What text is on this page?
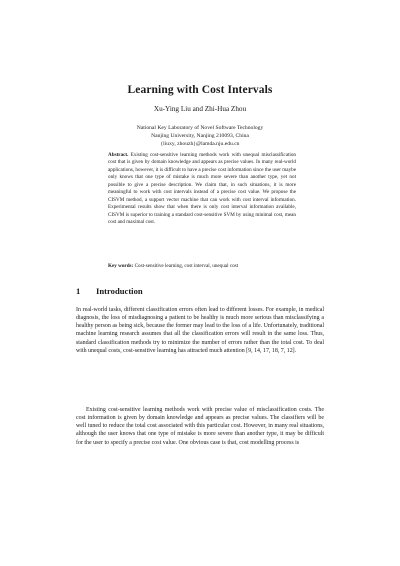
Learning with Cost Intervals
Xu-Ying Liu and Zhi-Hua Zhou
National Key Laboratory of Novel Software Technology
Nanjing University, Nanjing 210093, China
{liuxy, zhouzh}@lamda.nju.edu.cn
Abstract. Existing cost-sensitive learning methods work with unequal misclassification cost that is given by domain knowledge and appears as precise values. In many real-world applications, however, it is difficult to have a precise cost information since the user maybe only knows that one type of mistake is much more severe than another type, yet not possible to give a precise description. We claim that, in such situations, it is more meaningful to work with cost intervals instead of a precise cost value. We propose the CISVM method, a support vector machine that can work with cost interval information. Experimental results show that when there is only cost interval information available, CISVM is superior to training a standard cost-sensitive SVM by using minimal cost, mean cost and maximal cost.
Key words: Cost-sensitive learning, cost interval, unequal cost
1 Introduction
In real-world tasks, different classification errors often lead to different losses. For example, in medical diagnosis, the loss of misdiagnosing a patient to be healthy is much more serious than misclassifying a healthy person as being sick, because the former may lead to the loss of a life. Unfortunately, traditional machine learning research assumes that all the classification errors will result in the same loss. Thus, standard classification methods try to minimize the number of errors rather than the total cost. To deal with unequal costs, cost-sensitive learning has attracted much attention [9, 14, 17, 18, 7, 12].
Existing cost-sensitive learning methods work with precise value of misclassification costs. The cost information is given by domain knowledge and appears as precise values. The classifiers will be well tuned to reduce the total cost associated with this particular cost. However, in many real situations, although the user knows that one type of mistake is more severe than another type, it may be difficult for the user to specify a precise cost value. One obvious case is that, cost modelling process is
